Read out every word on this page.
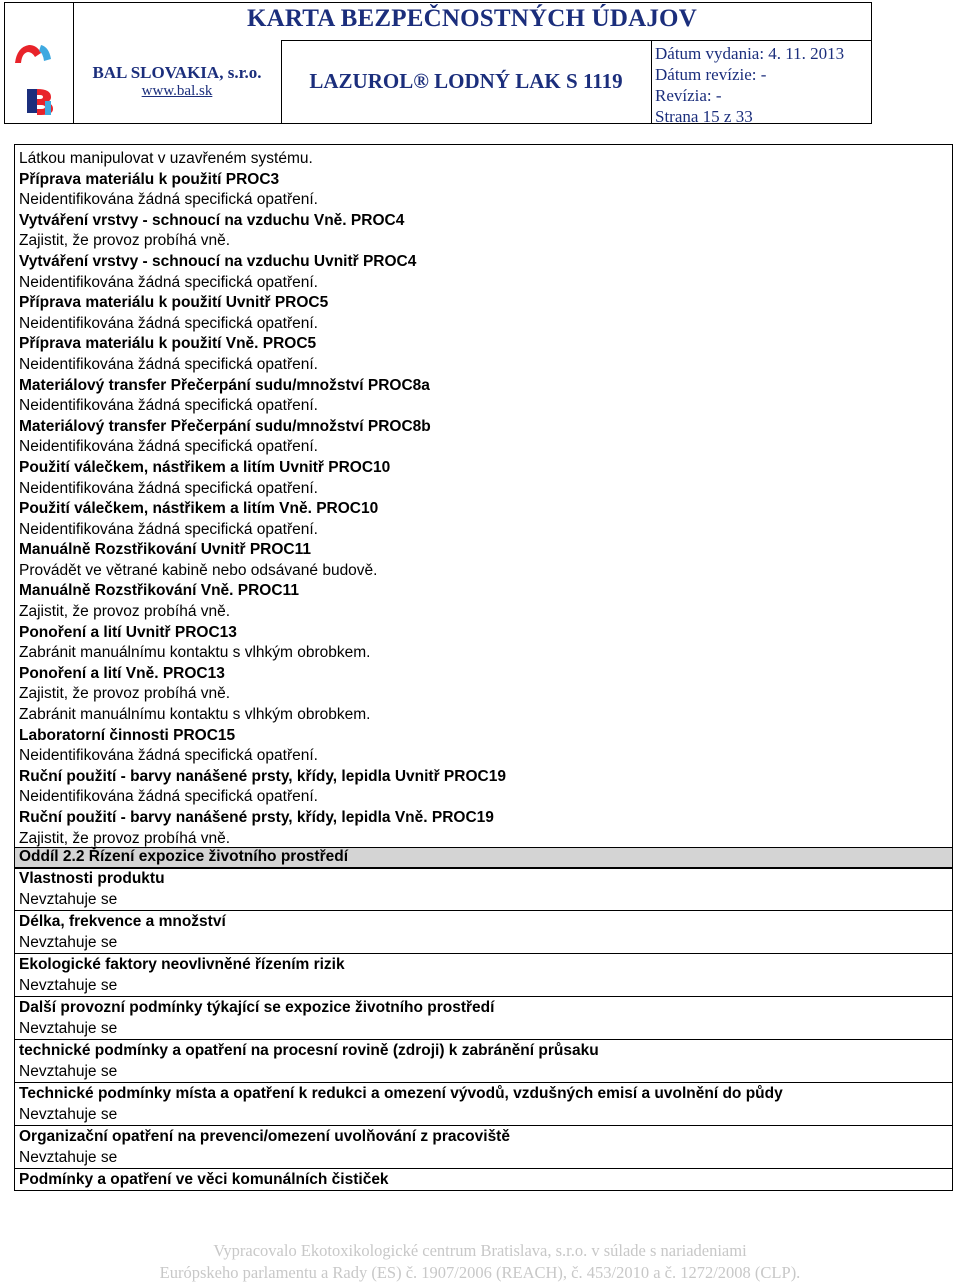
KARTA BEZPEČNOSTNÝCH ÚDAJOV
BAL SLOVAKIA, s.r.o.
www.bal.sk	LAZUROL® LODNÝ LAK S 1119
Dátum vydania: 4. 11. 2013
Dátum revízie: -
Revízia: -
Strana 15 z 33
Látkou manipulovat v uzavřeném systému.
Příprava materiálu k použití PROC3
Neidentifikována žádná specifická opatření.
Vytváření vrstvy - schnoucí na vzduchu Vně. PROC4
Zajistit, že provoz probíhá vně.
Vytváření vrstvy - schnoucí na vzduchu Uvnitř PROC4
Neidentifikována žádná specifická opatření.
Příprava materiálu k použití Uvnitř PROC5
Neidentifikována žádná specifická opatření.
Příprava materiálu k použití Vně. PROC5
Neidentifikována žádná specifická opatření.
Materiálový transfer Přečerpání sudu/množství PROC8a
Neidentifikována žádná specifická opatření.
Materiálový transfer Přečerpání sudu/množství PROC8b
Neidentifikována žádná specifická opatření.
Použití válečkem, nástřikem a litím Uvnitř PROC10
Neidentifikována žádná specifická opatření.
Použití válečkem, nástřikem a litím Vně. PROC10
Neidentifikována žádná specifická opatření.
Manuálně Rozstřikování Uvnitř PROC11
Provádět ve větrané kabině nebo odsávané budově.
Manuálně Rozstřikování Vně. PROC11
Zajistit, že provoz probíhá vně.
Ponoření a lití Uvnitř PROC13
Zabránit manuálnímu kontaktu s vlhkým obrobkem.
Ponoření a lití Vně. PROC13
Zajistit, že provoz probíhá vně.
Zabránit manuálnímu kontaktu s vlhkým obrobkem.
Laboratorní činnosti PROC15
Neidentifikována žádná specifická opatření.
Ruční použití - barvy nanášené prsty, křídy, lepidla Uvnitř PROC19
Neidentifikována žádná specifická opatření.
Ruční použití - barvy nanášené prsty, křídy, lepidla Vně. PROC19
Zajistit, že provoz probíhá vně.
Oddíl 2.2 Řízení expozice životního prostředí
Vlastnosti produktu
Nevztahuje se
Délka, frekvence a množství
Nevztahuje se
Ekologické faktory neovlivněné řízením rizik
Nevztahuje se
Další provozní podmínky týkající se expozice životního prostředí
Nevztahuje se
technické podmínky a opatření na procesní rovině (zdroji) k zabránění průsaku
Nevztahuje se
Technické podmínky místa a opatření k redukci a omezení vývodů, vzdušných emisí a uvolnění do půdy
Nevztahuje se
Organizační opatření na prevenci/omezení uvolňování z pracoviště
Nevztahuje se
Podmínky a opatření ve věci komunálních čističek
Vypracovalo Ekotoxikologické centrum Bratislava, s.r.o. v súlade s nariadeniami
Európskeho parlamentu a Rady (ES) č. 1907/2006 (REACH), č. 453/2010 a č. 1272/2008 (CLP).
